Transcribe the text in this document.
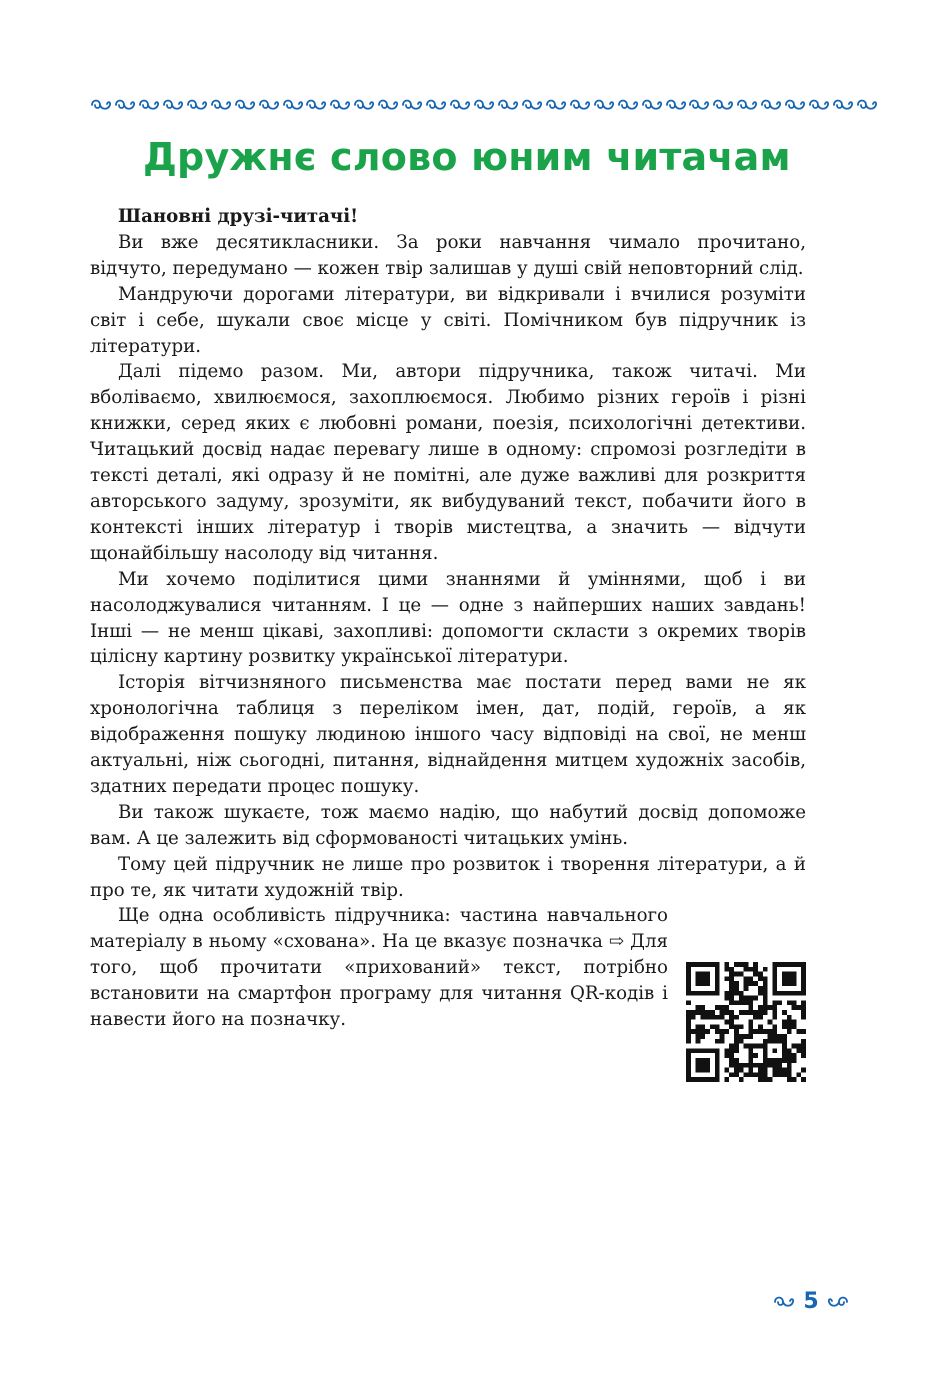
Дружнє слово юним читачам

Шановні друзі-читачі!

Ви вже десятикласники. За роки навчання чимало прочитано, відчуто, передумано — кожен твір залишав у душі свій неповторний слід.

Мандруючи дорогами літератури, ви відкривали і вчилися розуміти світ і себе, шукали своє місце у світі. Помічником був підручник із літератури.

Далі підемо разом. Ми, автори підручника, також читачі. Ми вболіваємо, хвилюємося, захоплюємося. Любимо різних героїв і різні книжки, серед яких є любовні романи, поезія, психологічні детективи. Читацький досвід надає перевагу лише в одному: спромозі розгледіти в тексті деталі, які одразу й не помітні, але дуже важливі для розкриття авторського задуму, зрозуміти, як вибудуваний текст, побачити його в контексті інших літератур і творів мистецтва, а значить — відчути щонайбільшу насолоду від читання.

Ми хочемо поділитися цими знаннями й уміннями, щоб і ви насолоджувалися читанням. І це — одне з найперших наших завдань! Інші — не менш цікаві, захопливі: допомогти скласти з окремих творів цілісну картину розвитку української літератури.

Історія вітчизняного письменства має постати перед вами не як хронологічна таблиця з переліком імен, дат, подій, героїв, а як відображення пошуку людиною іншого часу відповіді на свої, не менш актуальні, ніж сьогодні, питання, віднайдення митцем художніх засобів, здатних передати процес пошуку.

Ви також шукаєте, тож маємо надію, що набутий досвід допоможе вам. А це залежить від сформованості читацьких умінь.

Тому цей підручник не лише про розвиток і творення літератури, а й про те, як читати художній твір.

Ще одна особливість підручника: частина навчального матеріалу в ньому «схована». На це вказує позначка ⇨ Для того, щоб прочитати «прихований» текст, потрібно встановити на смартфон програму для читання QR-кодів і навести його на позначку.

5
